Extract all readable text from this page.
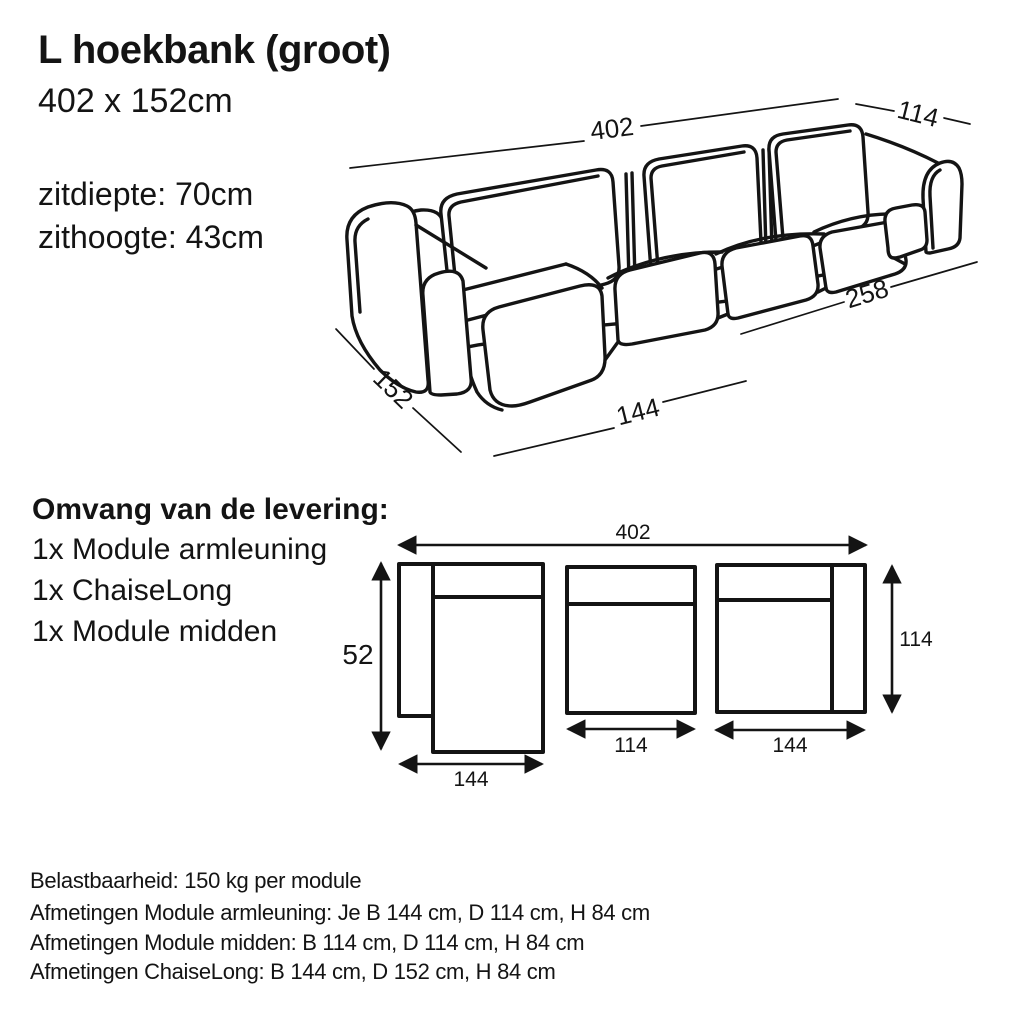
L hoekbank (groot)
402 x 152cm
zitdiepte: 70cm
zithoogte: 43cm
402	114
258
144
152
Omvang van de levering:
1x Module armleuning
1x ChaiseLong
1x Module midden
402
52
144
114	144
114
Belastbaarheid: 150 kg per module
Afmetingen Module armleuning: Je B 144 cm, D 114 cm, H 84 cm
Afmetingen Module midden: B 114 cm, D 114 cm, H 84 cm
Afmetingen ChaiseLong: B 144 cm, D 152 cm, H 84 cm
